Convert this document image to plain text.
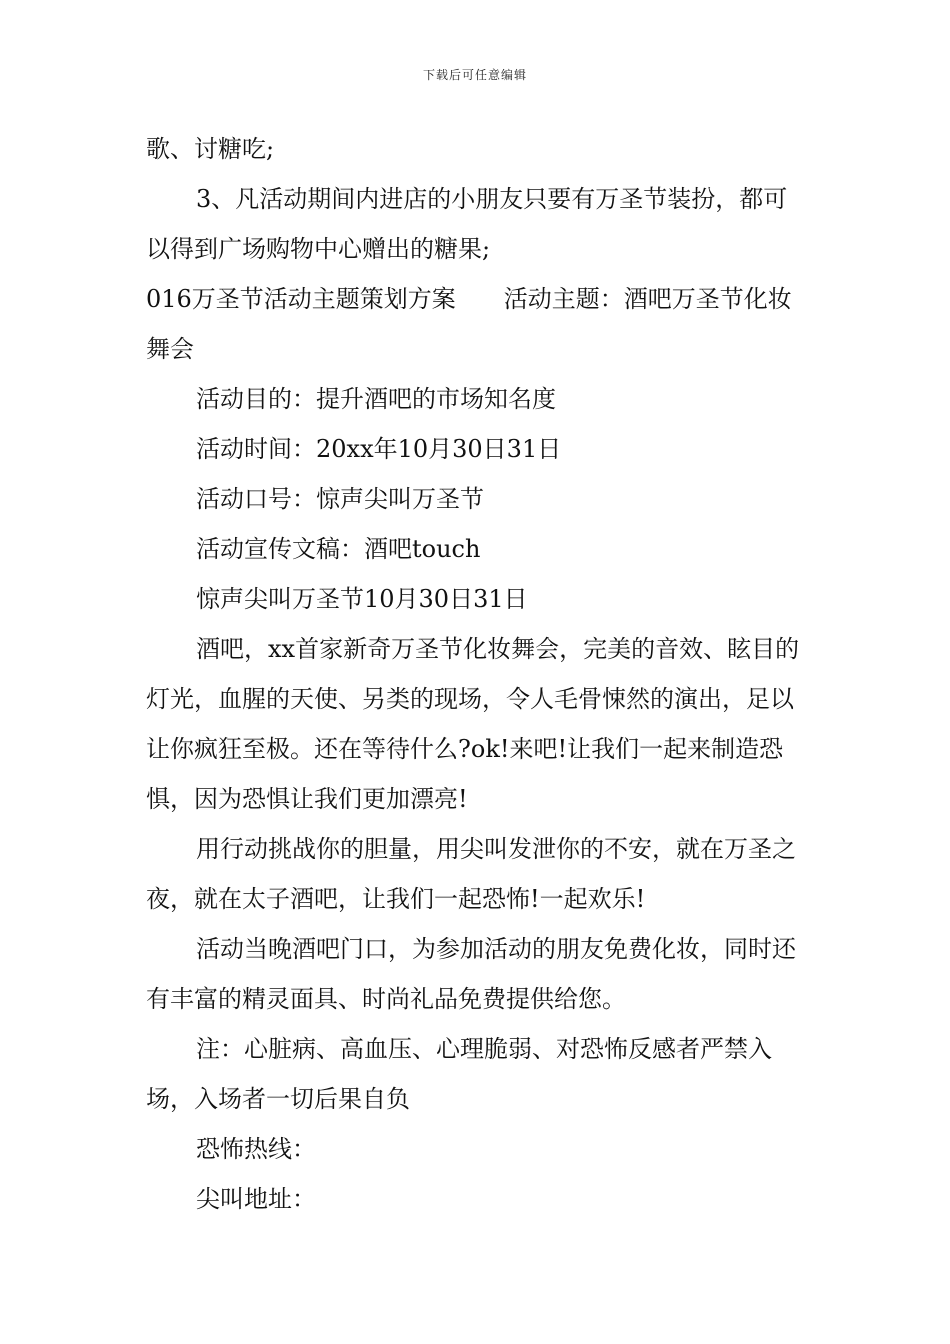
下载后可任意编辑

歌、讨糖吃;

3、凡活动期间内进店的小朋友只要有万圣节装扮，都可以得到广场购物中心赠出的糖果;

016万圣节活动主题策划方案　　活动主题：酒吧万圣节化妆舞会

活动目的：提升酒吧的市场知名度

活动时间：20xx年10月30日31日

活动口号：惊声尖叫万圣节

活动宣传文稿：酒吧touch

惊声尖叫万圣节10月30日31日

酒吧，xx首家新奇万圣节化妆舞会，完美的音效、眩目的灯光，血腥的天使、另类的现场，令人毛骨悚然的演出，足以让你疯狂至极。还在等待什么?ok!来吧!让我们一起来制造恐惧，因为恐惧让我们更加漂亮!

用行动挑战你的胆量，用尖叫发泄你的不安，就在万圣之夜，就在太子酒吧，让我们一起恐怖!一起欢乐!

活动当晚酒吧门口，为参加活动的朋友免费化妆，同时还有丰富的精灵面具、时尚礼品免费提供给您。

注：心脏病、高血压、心理脆弱、对恐怖反感者严禁入场，入场者一切后果自负

恐怖热线：

尖叫地址：
